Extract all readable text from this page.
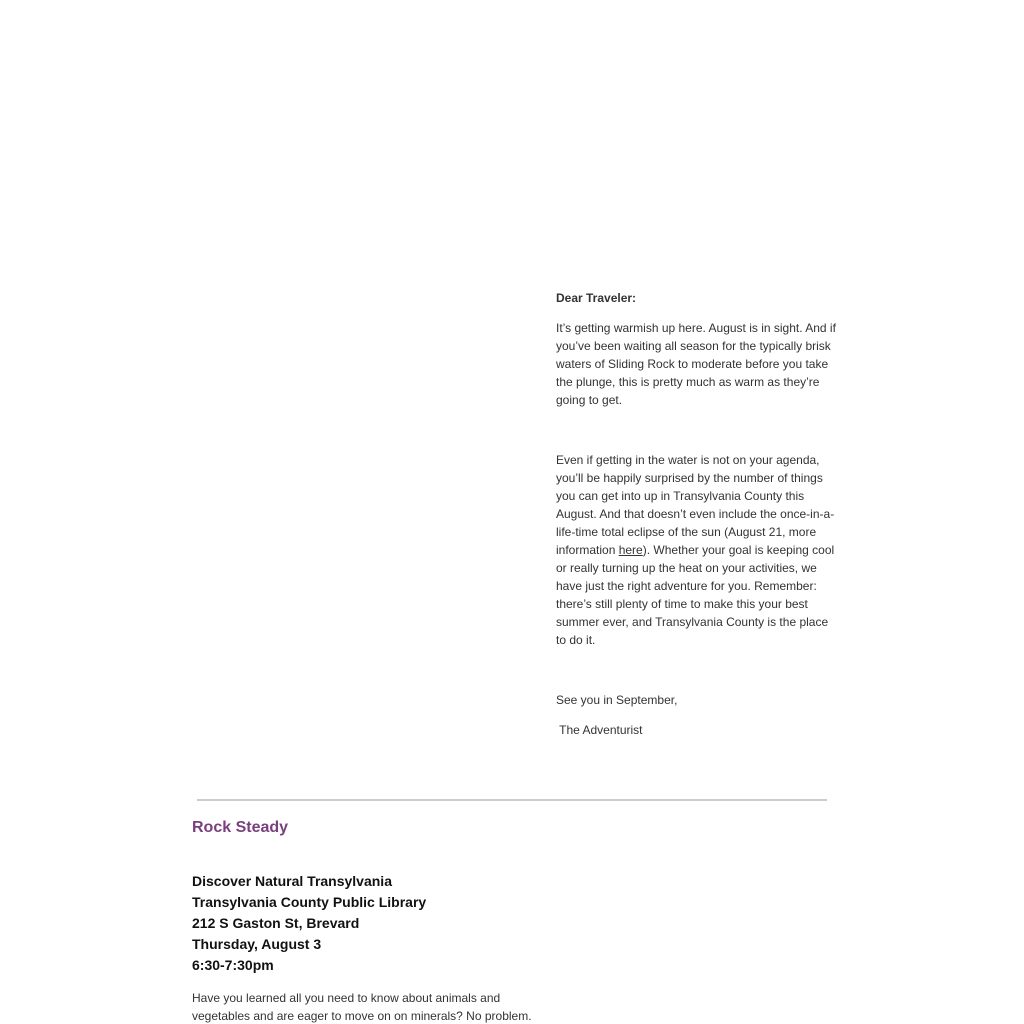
Dear Traveler:

It’s getting warmish up here. August is in sight. And if you’ve been waiting all season for the typically brisk waters of Sliding Rock to moderate before you take the plunge, this is pretty much as warm as they’re going to get.

Even if getting in the water is not on your agenda, you’ll be happily surprised by the number of things you can get into up in Transylvania County this August. And that doesn’t even include the once-in-a-life-time total eclipse of the sun (August 21, more information here). Whether your goal is keeping cool or really turning up the heat on your activities, we have just the right adventure for you. Remember: there’s still plenty of time to make this your best summer ever, and Transylvania County is the place to do it.

See you in September,

The Adventurist

Rock Steady
Discover Natural Transylvania
Transylvania County Public Library
212 S Gaston St, Brevard
Thursday, August 3
6:30-7:30pm

Have you learned all you need to know about animals and vegetables and are eager to move on on minerals? No problem.
